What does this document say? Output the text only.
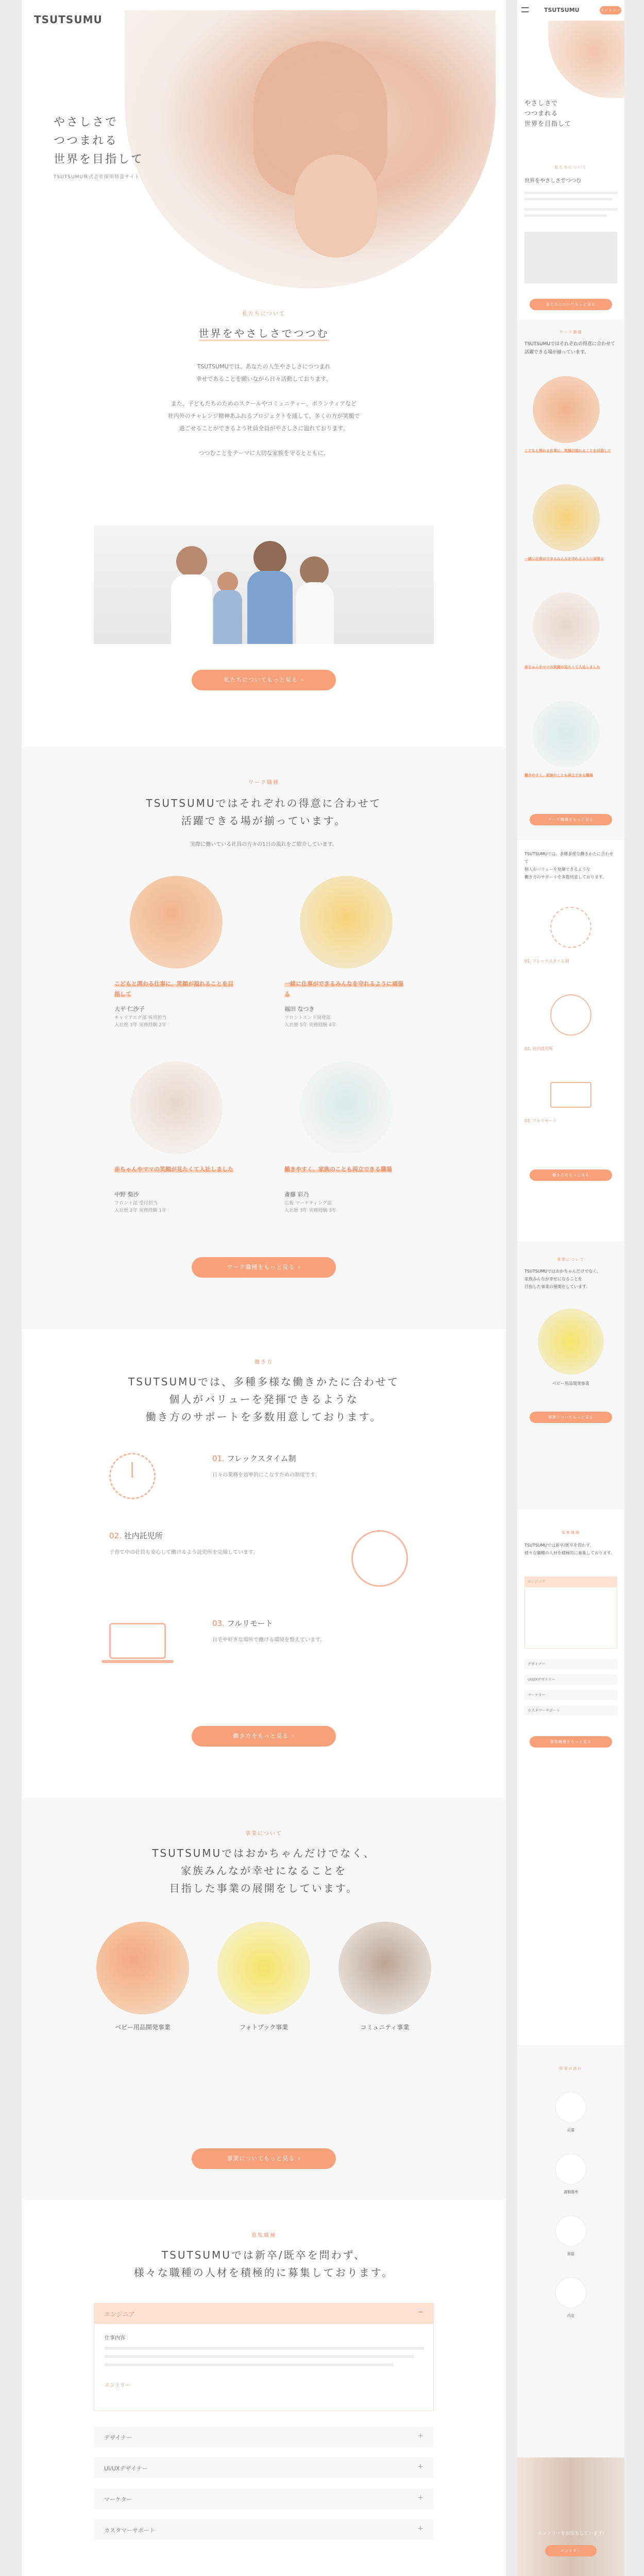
TSUTSUMU
やさしさで
つつまれる
世界を目指して
TSUTSUMU株式会社採用特設サイト
私たちについて
世界をやさしさでつつむ
TSUTSUMUでは、あなたの人生やさしさにつつまれ
幸せであることを願いながら日々活動しております。

また、子どもたちのためのスクールやコミュニティー、ボランティアなど
社内外のチャレンジ精神あふれるプロジェクトを通して、多くの方が笑顔で
過ごせることができるよう社員全員がやさしさに溢れております。

つつむことをテーマに大切な家族を守るとともに、
私たちについてもっと見る ›
ワーク職種
TSUTSUMUではそれぞれの得意に合わせて
活躍できる場が揃っています。
実際に働いている社員の方々の1日の流れをご紹介しています。
こどもと関わる仕事に、笑顔が溢れることを目指して
大平 仁沙子
キャリアエグ部 採用担当
入社歴 3年 実務経験 2年
一緒に仕事ができるみんなを守れるように頑張る
福田 なつき
フロントエンド開発部
入社歴 5年 実務経験 4年
赤ちゃんやママの笑顔が見たくて入社しました
中野 梨沙
フロント部 受付担当
入社歴 2年 実務経験 1年
働きやすく、家族のことも両立できる職場
斎藤 彩乃
広報 マーケティング部
入社歴 3年 実務経験 3年
ワーク職種をもっと見る ›
働き方
TSUTSUMUでは、多種多様な働きかたに合わせて
個人がバリューを発揮できるような
働き方のサポートを多数用意しております。
01. フレックスタイム制
日々の業務を効率的にこなすための制度です。
02. 社内託児所
子育て中の社員も安心して働けるよう託児所を完備しています。
03. フルリモート
自宅や好きな場所で働ける環境を整えています。
働き方をもっと見る ›
事業について
TSUTSUMUではおかちゃんだけでなく、
家族みんなが幸せになることを
目指した事業の展開をしています。
ベビー用品開発事業	フォトブック事業	コミュニティ事業
事業についてもっと見る ›
募集職種
TSUTSUMUでは新卒/既卒を問わず、
様々な職種の人材を積極的に募集しております。
エンジニア	−
仕事内容
エントリー
デザイナー	+
UI/UXデザイナー	+
マーケター	+
カスタマーサポート	+
TSUTSUMU	エントリー
やさしさで
つつまれる
世界を目指して
私たちについて
世界をやさしさでつつむ
私たちについてもっと見る
ワーク職種
TSUTSUMUではそれぞれの得意に合わせて
活躍できる場が揃っています。
こどもと関わる仕事に、笑顔が溢れることを目指して
一緒に仕事ができるみんなを守れるように頑張る
赤ちゃんやママの笑顔が見たくて入社しました
働きやすく、家族のことも両立できる職場
ワーク職種をもっと見る
TSUTSUMUでは、多種多様な働きかたに合わせて
個人がバリューを発揮できるような
働き方のサポートを多数用意しております。
01. フレックスタイム制
02. 社内託児所
03. フルリモート
働き方をもっと見る
事業について
TSUTSUMUではおかちゃんだけでなく、
家族みんなが幸せになることを
目指した事業の展開をしています。
ベビー用品開発事業
事業についてもっと見る
募集職種
TSUTSUMUでは新卒/既卒を問わず、
様々な職種の人材を積極的に募集しております。
エンジニア
デザイナー
UI/UXデザイナー
マーケター
カスタマーサポート
募集職種をもっと見る
採用の流れ
応募
書類選考
面接
内定
エントリーをお待ちしています!
エントリー
